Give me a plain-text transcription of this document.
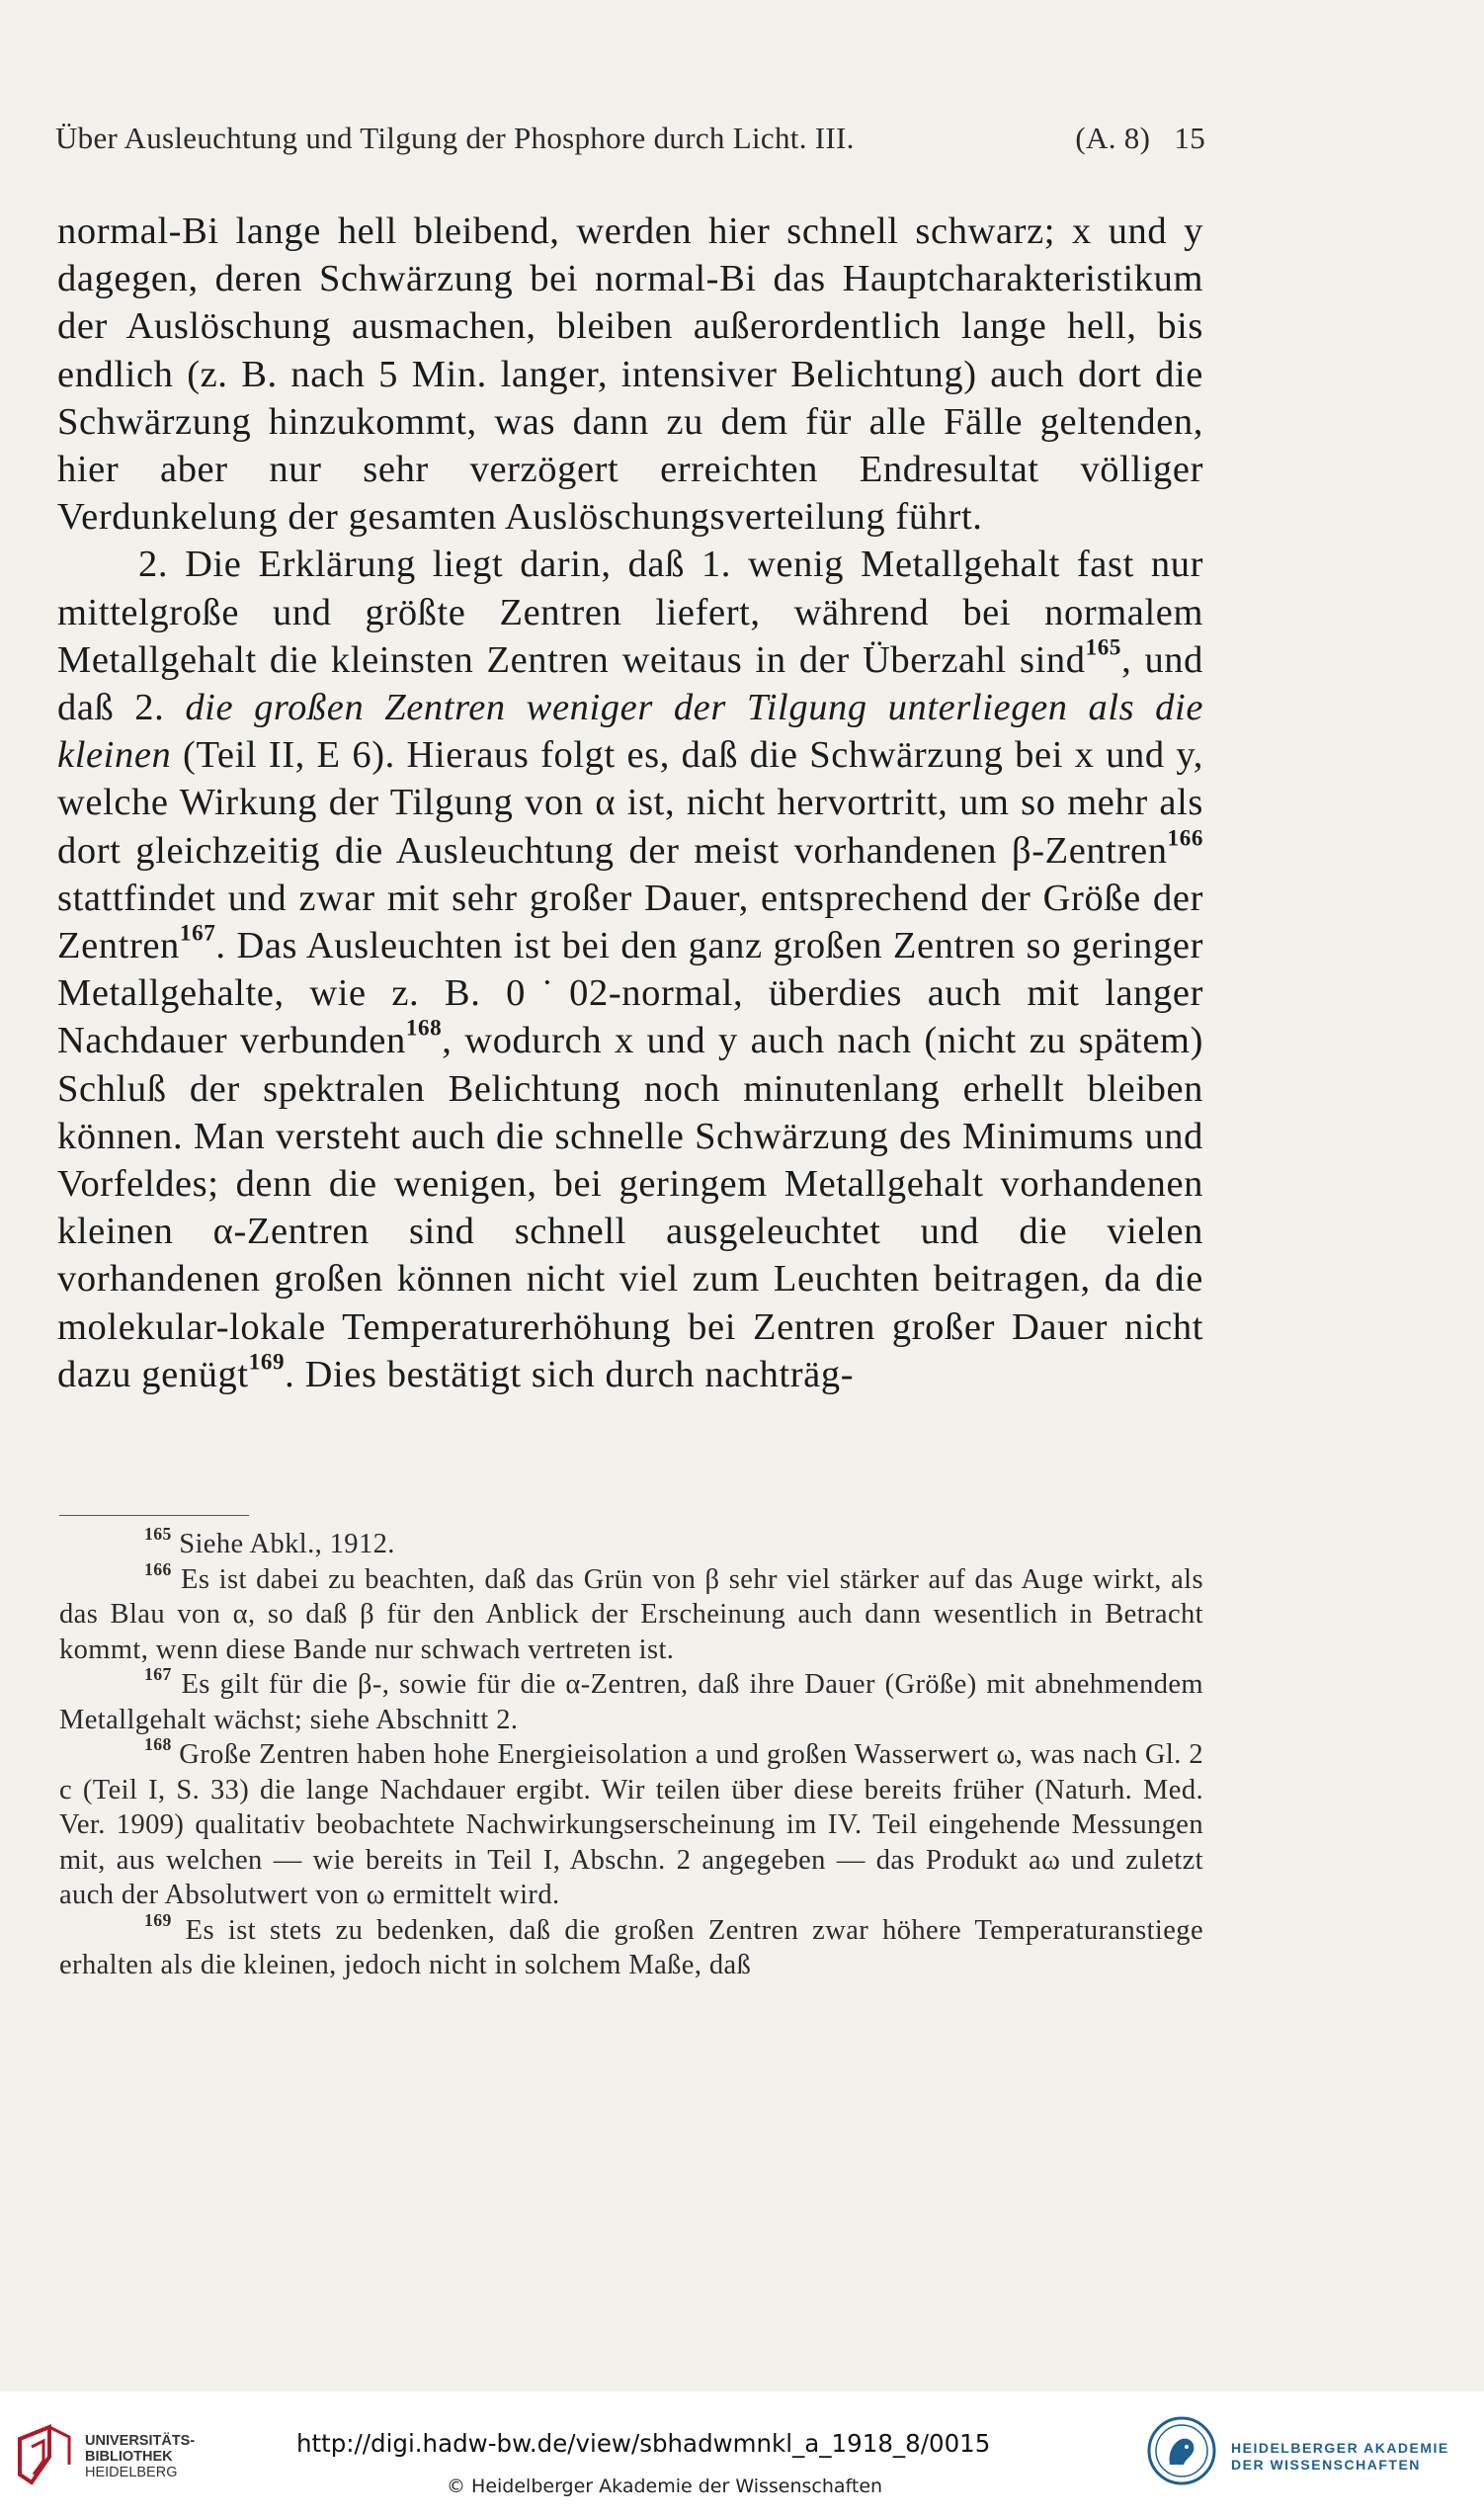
Über Ausleuchtung und Tilgung der Phosphore durch Licht. III.	(A. 8) 15

normal-Bi lange hell bleibend, werden hier schnell schwarz; x und y dagegen, deren Schwärzung bei normal-Bi das Hauptcharakteristikum der Auslöschung ausmachen, bleiben außerordentlich lange hell, bis endlich (z. B. nach 5 Min. langer, intensiver Belichtung) auch dort die Schwärzung hinzukommt, was dann zu dem für alle Fälle geltenden, hier aber nur sehr verzögert erreichten Endresultat völliger Verdunkelung der gesamten Auslöschungsverteilung führt.

2. Die Erklärung liegt darin, daß 1. wenig Metallgehalt fast nur mittelgroße und größte Zentren liefert, während bei normalem Metallgehalt die kleinsten Zentren weitaus in der Überzahl sind$^{165}$, und daß 2. die großen Zentren weniger der Tilgung unterliegen als die kleinen (Teil II, E 6). Hieraus folgt es, daß die Schwärzung bei x und y, welche Wirkung der Tilgung von α ist, nicht hervortritt, um so mehr als dort gleichzeitig die Ausleuchtung der meist vorhandenen β-Zentren$^{166}$ stattfindet und zwar mit sehr großer Dauer, entsprechend der Größe der Zentren$^{167}$. Das Ausleuchten ist bei den ganz großen Zentren so geringer Metallgehalte, wie z. B. 0˙02-normal, überdies auch mit langer Nachdauer verbunden$^{168}$, wodurch x und y auch nach (nicht zu spätem) Schluß der spektralen Belichtung noch minutenlang erhellt bleiben können. Man versteht auch die schnelle Schwärzung des Minimums und Vorfeldes; denn die wenigen, bei geringem Metallgehalt vorhandenen kleinen α-Zentren sind schnell ausgeleuchtet und die vielen vorhandenen großen können nicht viel zum Leuchten beitragen, da die molekular-lokale Temperaturerhöhung bei Zentren großer Dauer nicht dazu genügt$^{169}$. Dies bestätigt sich durch nachträg-

$^{165}$ Siehe Abkl., 1912.

$^{166}$ Es ist dabei zu beachten, daß das Grün von β sehr viel stärker auf das Auge wirkt, als das Blau von α, so daß β für den Anblick der Erscheinung auch dann wesentlich in Betracht kommt, wenn diese Bande nur schwach vertreten ist.

$^{167}$ Es gilt für die β-, sowie für die α-Zentren, daß ihre Dauer (Größe) mit abnehmendem Metallgehalt wächst; siehe Abschnitt 2.

$^{168}$ Große Zentren haben hohe Energieisolation a und großen Wasserwert ω, was nach Gl. 2 c (Teil I, S. 33) die lange Nachdauer ergibt. Wir teilen über diese bereits früher (Naturh. Med. Ver. 1909) qualitativ beobachtete Nachwirkungserscheinung im IV. Teil eingehende Messungen mit, aus welchen — wie bereits in Teil I, Abschn. 2 angegeben — das Produkt aω und zuletzt auch der Absolutwert von ω ermittelt wird.

$^{169}$ Es ist stets zu bedenken, daß die großen Zentren zwar höhere Temperaturanstiege erhalten als die kleinen, jedoch nicht in solchem Maße, daß

UNIVERSITÄTS-
BIBLIOTHEK
HEIDELBERG
http://digi.hadw-bw.de/view/sbhadwmnkl_a_1918_8/0015
© Heidelberger Akademie der Wissenschaften
HEIDELBERGER AKADEMIE
DER WISSENSCHAFTEN
